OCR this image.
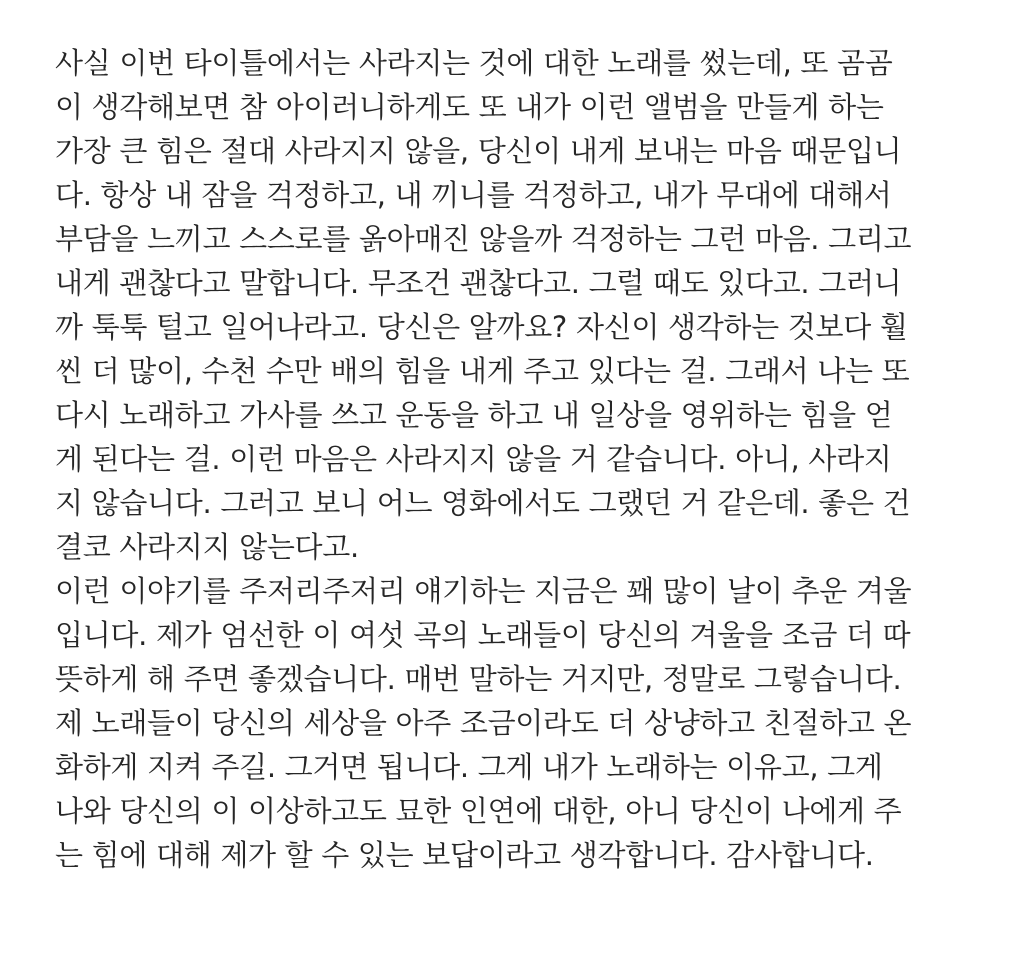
사실 이번 타이틀에서는 사라지는 것에 대한 노래를 썼는데, 또 곰곰
이 생각해보면 참 아이러니하게도 또 내가 이런 앨범을 만들게 하는
가장 큰 힘은 절대 사라지지 않을, 당신이 내게 보내는 마음 때문입니
다. 항상 내 잠을 걱정하고, 내 끼니를 걱정하고, 내가 무대에 대해서
부담을 느끼고 스스로를 옭아매진 않을까 걱정하는 그런 마음. 그리고
내게 괜찮다고 말합니다. 무조건 괜찮다고. 그럴 때도 있다고. 그러니
까 툭툭 털고 일어나라고. 당신은 알까요? 자신이 생각하는 것보다 훨
씬 더 많이, 수천 수만 배의 힘을 내게 주고 있다는 걸. 그래서 나는 또
다시 노래하고 가사를 쓰고 운동을 하고 내 일상을 영위하는 힘을 얻
게 된다는 걸. 이런 마음은 사라지지 않을 거 같습니다. 아니, 사라지
지 않습니다. 그러고 보니 어느 영화에서도 그랬던 거 같은데. 좋은 건
결코 사라지지 않는다고.
이런 이야기를 주저리주저리 얘기하는 지금은 꽤 많이 날이 추운 겨울
입니다. 제가 엄선한 이 여섯 곡의 노래들이 당신의 겨울을 조금 더 따
뜻하게 해 주면 좋겠습니다. 매번 말하는 거지만, 정말로 그렇습니다.
제 노래들이 당신의 세상을 아주 조금이라도 더 상냥하고 친절하고 온
화하게 지켜 주길. 그거면 됩니다. 그게 내가 노래하는 이유고, 그게
나와 당신의 이 이상하고도 묘한 인연에 대한, 아니 당신이 나에게 주
는 힘에 대해 제가 할 수 있는 보답이라고 생각합니다. 감사합니다.
